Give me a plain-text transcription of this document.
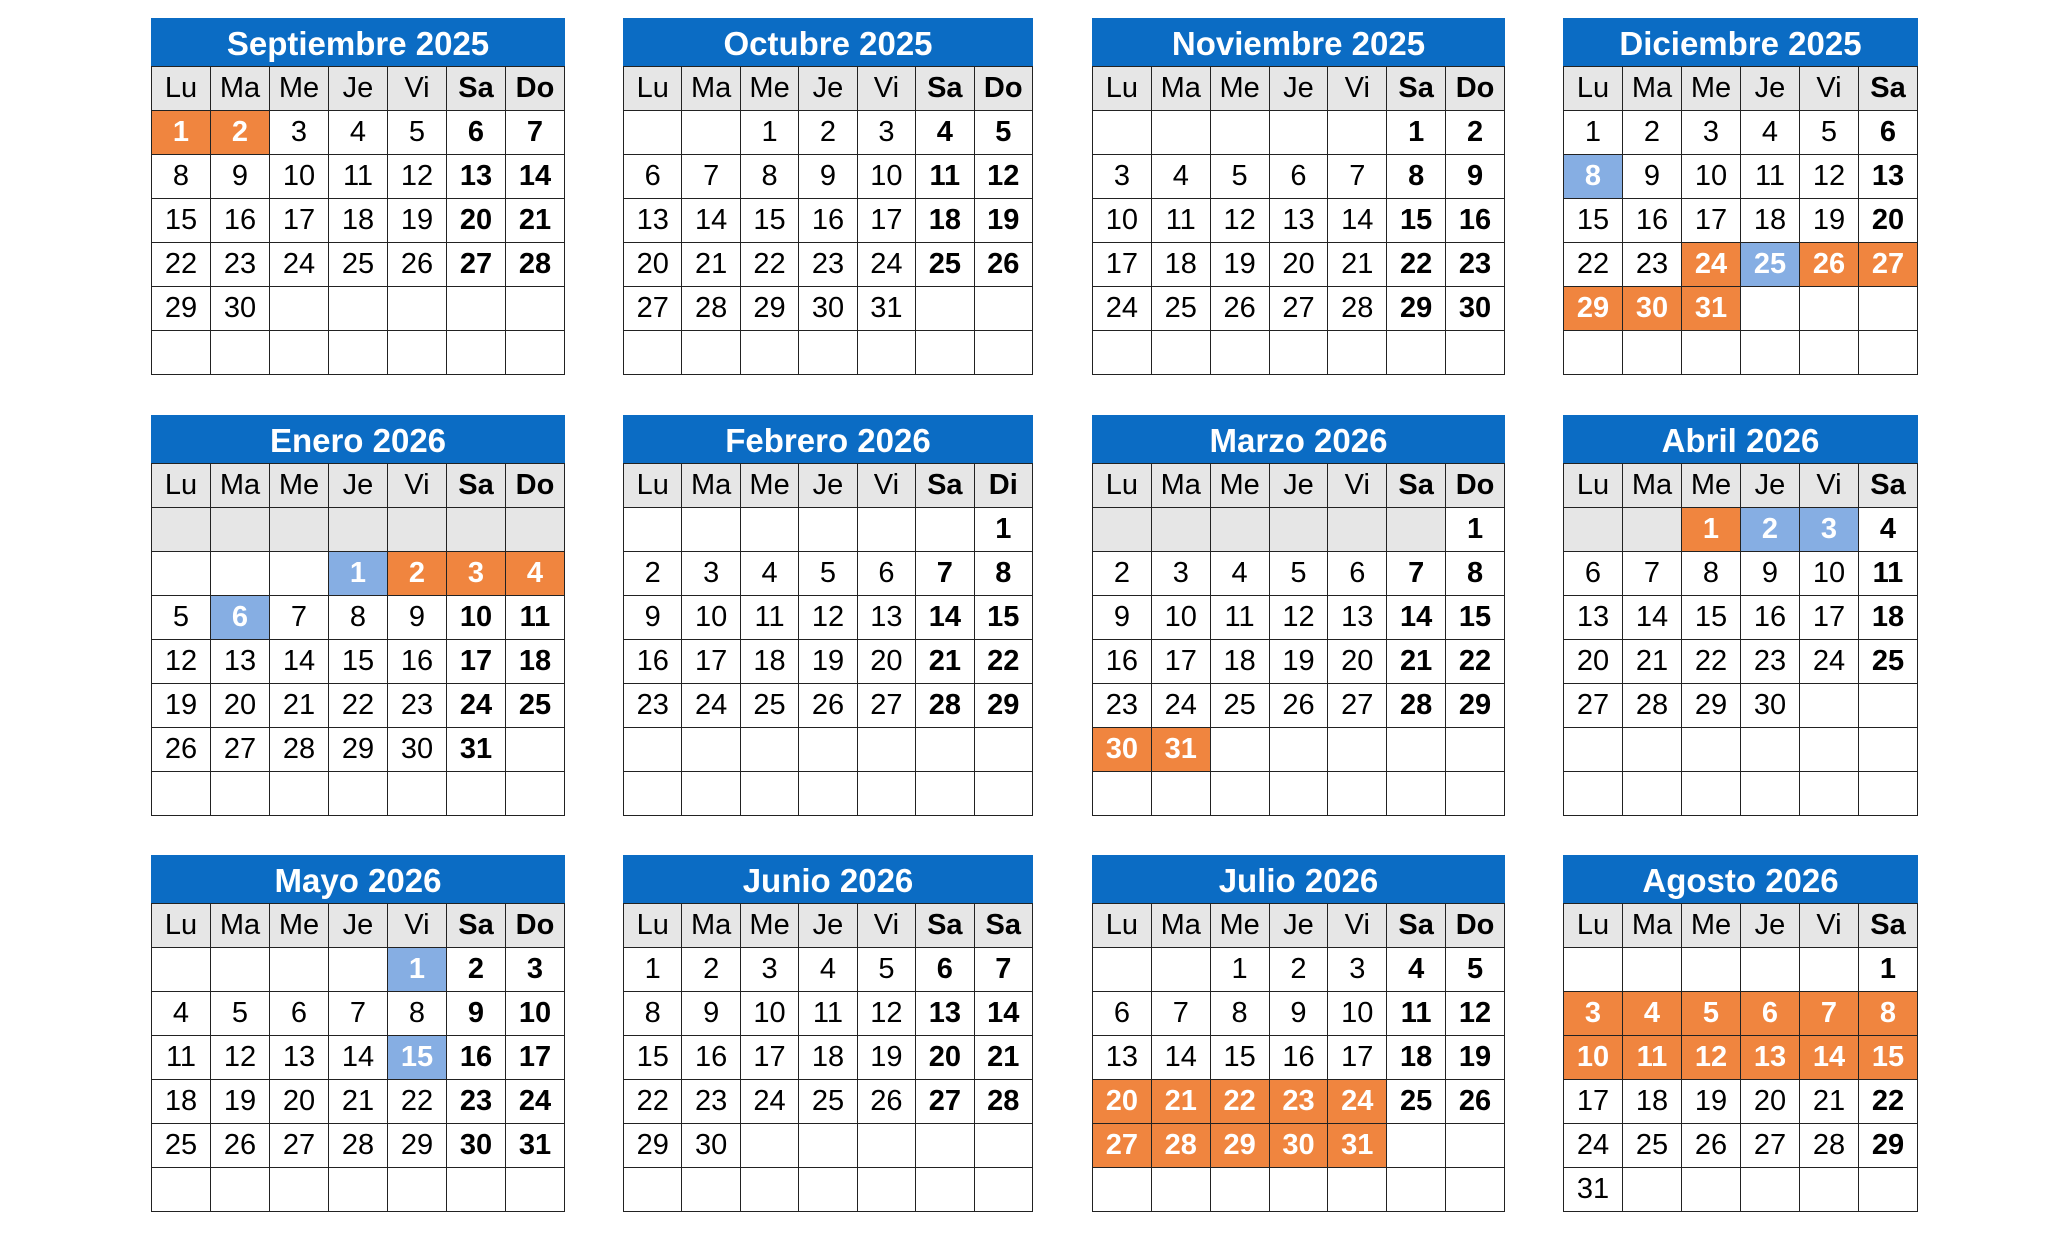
Septiembre 2025
Lu	Ma	Me	Je	Vi	Sa	Do
1	2	3	4	5	6	7
8	9	10	11	12	13	14
15	16	17	18	19	20	21
22	23	24	25	26	27	28
29	30					

Octubre 2025
Lu	Ma	Me	Je	Vi	Sa	Do
		1	2	3	4	5
6	7	8	9	10	11	12
13	14	15	16	17	18	19
20	21	22	23	24	25	26
27	28	29	30	31		

Noviembre 2025
Lu	Ma	Me	Je	Vi	Sa	Do
					1	2
3	4	5	6	7	8	9
10	11	12	13	14	15	16
17	18	19	20	21	22	23
24	25	26	27	28	29	30

Diciembre 2025
Lu	Ma	Me	Je	Vi	Sa
1	2	3	4	5	6
8	9	10	11	12	13
15	16	17	18	19	20
22	23	24	25	26	27
29	30	31			

Enero 2026
Lu	Ma	Me	Je	Vi	Sa	Do

			1	2	3	4
5	6	7	8	9	10	11
12	13	14	15	16	17	18
19	20	21	22	23	24	25
26	27	28	29	30	31	

Febrero 2026
Lu	Ma	Me	Je	Vi	Sa	Di
						1
2	3	4	5	6	7	8
9	10	11	12	13	14	15
16	17	18	19	20	21	22
23	24	25	26	27	28	29

Marzo 2026
Lu	Ma	Me	Je	Vi	Sa	Do
						1
2	3	4	5	6	7	8
9	10	11	12	13	14	15
16	17	18	19	20	21	22
23	24	25	26	27	28	29
30	31					

Abril 2026
Lu	Ma	Me	Je	Vi	Sa
		1	2	3	4
6	7	8	9	10	11
13	14	15	16	17	18
20	21	22	23	24	25
27	28	29	30		

Mayo 2026
Lu	Ma	Me	Je	Vi	Sa	Do
				1	2	3
4	5	6	7	8	9	10
11	12	13	14	15	16	17
18	19	20	21	22	23	24
25	26	27	28	29	30	31

Junio 2026
Lu	Ma	Me	Je	Vi	Sa	Sa
1	2	3	4	5	6	7
8	9	10	11	12	13	14
15	16	17	18	19	20	21
22	23	24	25	26	27	28
29	30					

Julio 2026
Lu	Ma	Me	Je	Vi	Sa	Do
		1	2	3	4	5
6	7	8	9	10	11	12
13	14	15	16	17	18	19
20	21	22	23	24	25	26
27	28	29	30	31		

Agosto 2026
Lu	Ma	Me	Je	Vi	Sa
					1
3	4	5	6	7	8
10	11	12	13	14	15
17	18	19	20	21	22
24	25	26	27	28	29
31					
